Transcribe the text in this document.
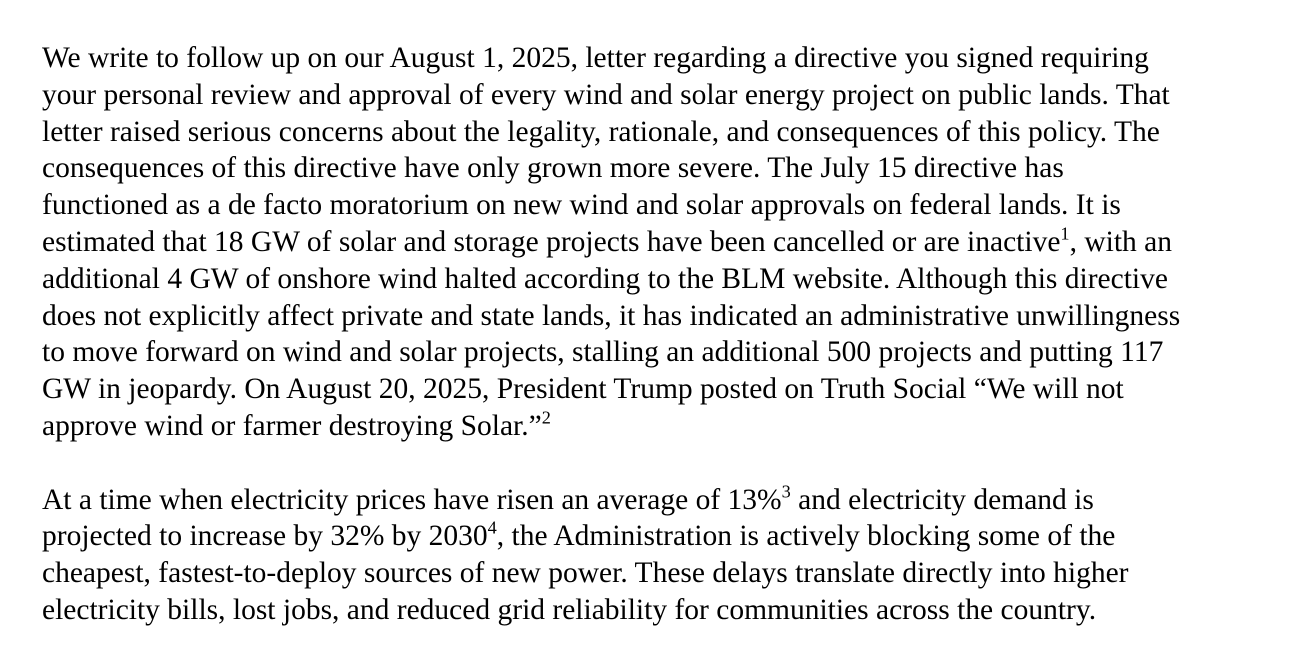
We write to follow up on our August 1, 2025, letter regarding a directive you signed requiring
your personal review and approval of every wind and solar energy project on public lands. That
letter raised serious concerns about the legality, rationale, and consequences of this policy. The
consequences of this directive have only grown more severe. The July 15 directive has
functioned as a de facto moratorium on new wind and solar approvals on federal lands. It is
estimated that 18 GW of solar and storage projects have been cancelled or are inactive$^1$, with an
additional 4 GW of onshore wind halted according to the BLM website. Although this directive
does not explicitly affect private and state lands, it has indicated an administrative unwillingness
to move forward on wind and solar projects, stalling an additional 500 projects and putting 117
GW in jeopardy. On August 20, 2025, President Trump posted on Truth Social “We will not
approve wind or farmer destroying Solar.”$^2$

At a time when electricity prices have risen an average of 13%$^3$ and electricity demand is
projected to increase by 32% by 2030$^4$, the Administration is actively blocking some of the
cheapest, fastest-to-deploy sources of new power. These delays translate directly into higher
electricity bills, lost jobs, and reduced grid reliability for communities across the country.
